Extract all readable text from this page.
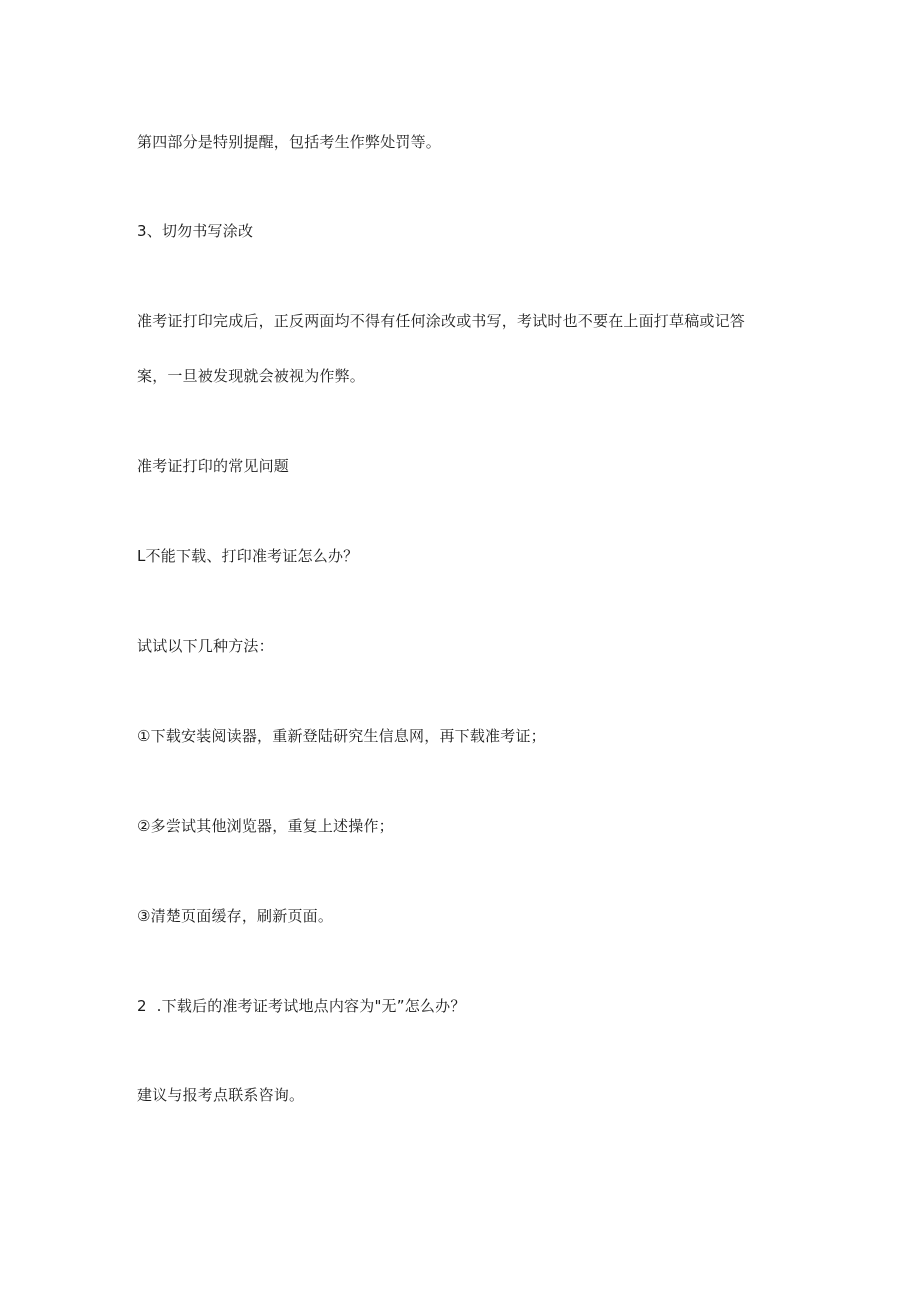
第四部分是特别提醒，包括考生作弊处罚等。
3、切勿书写涂改
准考证打印完成后，正反两面均不得有任何涂改或书写，考试时也不要在上面打草稿或记答
案，一旦被发现就会被视为作弊。
准考证打印的常见问题
L不能下载、打印准考证怎么办？
试试以下几种方法：
①下载安装阅读器，重新登陆研究生信息网，再下载准考证；
②多尝试其他浏览器，重复上述操作；
③清楚页面缓存，刷新页面。
2  .下载后的准考证考试地点内容为"无”怎么办？
建议与报考点联系咨询。
